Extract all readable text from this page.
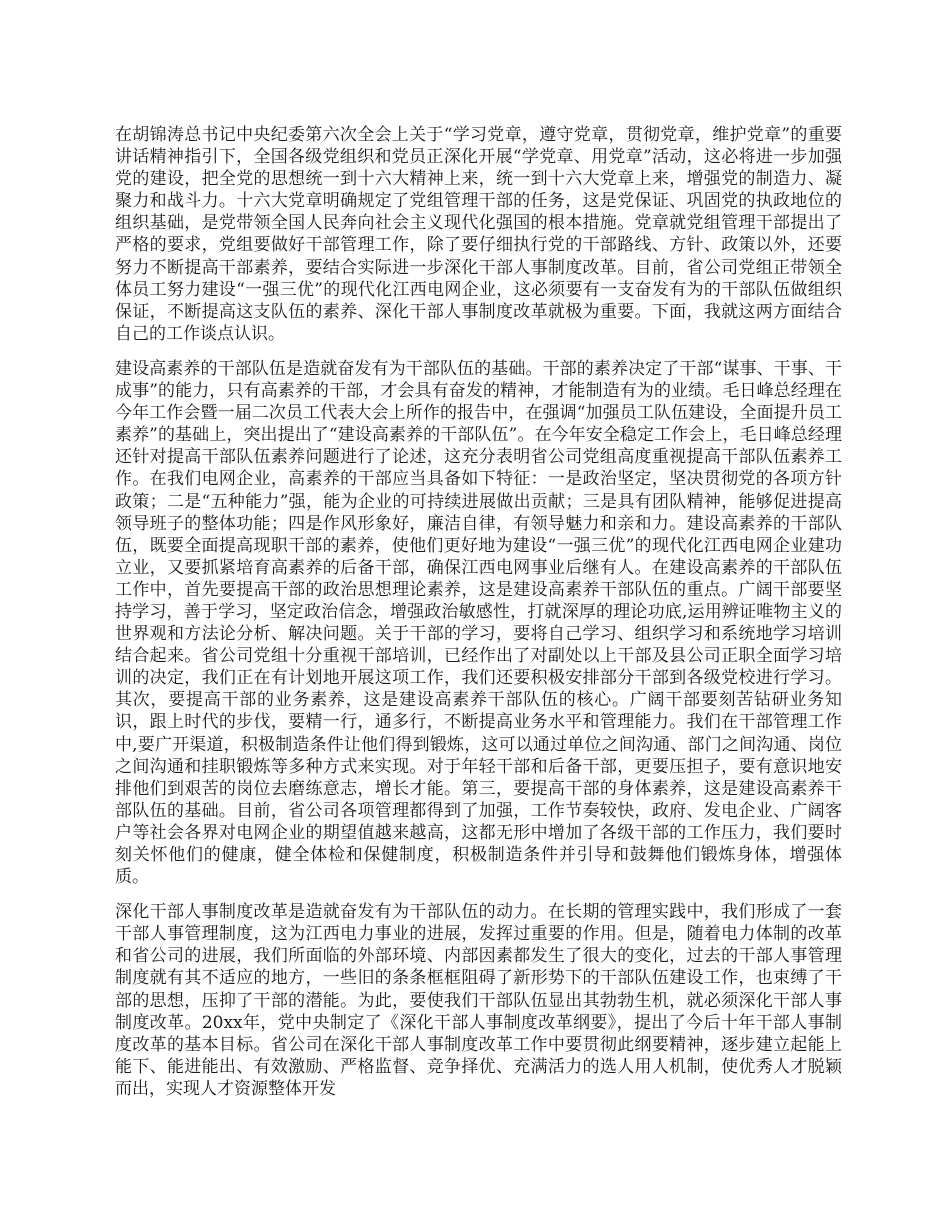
在胡锦涛总书记中央纪委第六次全会上关于“学习党章，遵守党章，贯彻党章，维护党章”的重要讲话精神指引下，全国各级党组织和党员正深化开展“学党章、用党章”活动，这必将进一步加强党的建设，把全党的思想统一到十六大精神上来，统一到十六大党章上来，增强党的制造力、凝聚力和战斗力。十六大党章明确规定了党组管理干部的任务，这是党保证、巩固党的执政地位的组织基础，是党带领全国人民奔向社会主义现代化强国的根本措施。党章就党组管理干部提出了严格的要求，党组要做好干部管理工作，除了要仔细执行党的干部路线、方针、政策以外，还要努力不断提高干部素养，要结合实际进一步深化干部人事制度改革。目前，省公司党组正带领全体员工努力建设“一强三优”的现代化江西电网企业，这必须要有一支奋发有为的干部队伍做组织保证，不断提高这支队伍的素养、深化干部人事制度改革就极为重要。下面，我就这两方面结合自己的工作谈点认识。

建设高素养的干部队伍是造就奋发有为干部队伍的基础。干部的素养决定了干部“谋事、干事、干成事”的能力，只有高素养的干部，才会具有奋发的精神，才能制造有为的业绩。毛日峰总经理在今年工作会暨一届二次员工代表大会上所作的报告中，在强调“加强员工队伍建设，全面提升员工素养”的基础上，突出提出了“建设高素养的干部队伍”。在今年安全稳定工作会上，毛日峰总经理还针对提高干部队伍素养问题进行了论述，这充分表明省公司党组高度重视提高干部队伍素养工作。在我们电网企业，高素养的干部应当具备如下特征：一是政治坚定，坚决贯彻党的各项方针政策；二是“五种能力”强，能为企业的可持续进展做出贡献；三是具有团队精神，能够促进提高领导班子的整体功能；四是作风形象好，廉洁自律，有领导魅力和亲和力。建设高素养的干部队伍，既要全面提高现职干部的素养，使他们更好地为建设“一强三优”的现代化江西电网企业建功立业，又要抓紧培育高素养的后备干部，确保江西电网事业后继有人。在建设高素养的干部队伍工作中，首先要提高干部的政治思想理论素养，这是建设高素养干部队伍的重点。广阔干部要坚持学习，善于学习，坚定政治信念，增强政治敏感性，打就深厚的理论功底,运用辨证唯物主义的世界观和方法论分析、解决问题。关于干部的学习，要将自己学习、组织学习和系统地学习培训结合起来。省公司党组十分重视干部培训，已经作出了对副处以上干部及县公司正职全面学习培训的决定，我们正在有计划地开展这项工作，我们还要积极安排部分干部到各级党校进行学习。其次，要提高干部的业务素养，这是建设高素养干部队伍的核心。广阔干部要刻苦钻研业务知识，跟上时代的步伐，要精一行，通多行，不断提高业务水平和管理能力。我们在干部管理工作中,要广开渠道，积极制造条件让他们得到锻炼，这可以通过单位之间沟通、部门之间沟通、岗位之间沟通和挂职锻炼等多种方式来实现。对于年轻干部和后备干部，更要压担子，要有意识地安排他们到艰苦的岗位去磨练意志，增长才能。第三，要提高干部的身体素养，这是建设高素养干部队伍的基础。目前，省公司各项管理都得到了加强，工作节奏较快，政府、发电企业、广阔客户等社会各界对电网企业的期望值越来越高，这都无形中增加了各级干部的工作压力，我们要时刻关怀他们的健康，健全体检和保健制度，积极制造条件并引导和鼓舞他们锻炼身体，增强体质。

深化干部人事制度改革是造就奋发有为干部队伍的动力。在长期的管理实践中，我们形成了一套干部人事管理制度，这为江西电力事业的进展，发挥过重要的作用。但是，随着电力体制的改革和省公司的进展，我们所面临的外部环境、内部因素都发生了很大的变化，过去的干部人事管理制度就有其不适应的地方，一些旧的条条框框阻碍了新形势下的干部队伍建设工作，也束缚了干部的思想，压抑了干部的潜能。为此，要使我们干部队伍显出其勃勃生机，就必须深化干部人事制度改革。20xx年，党中央制定了《深化干部人事制度改革纲要》，提出了今后十年干部人事制度改革的基本目标。省公司在深化干部人事制度改革工作中要贯彻此纲要精神，逐步建立起能上能下、能进能出、有效激励、严格监督、竞争择优、充满活力的选人用人机制，使优秀人才脱颖而出，实现人才资源整体开发
